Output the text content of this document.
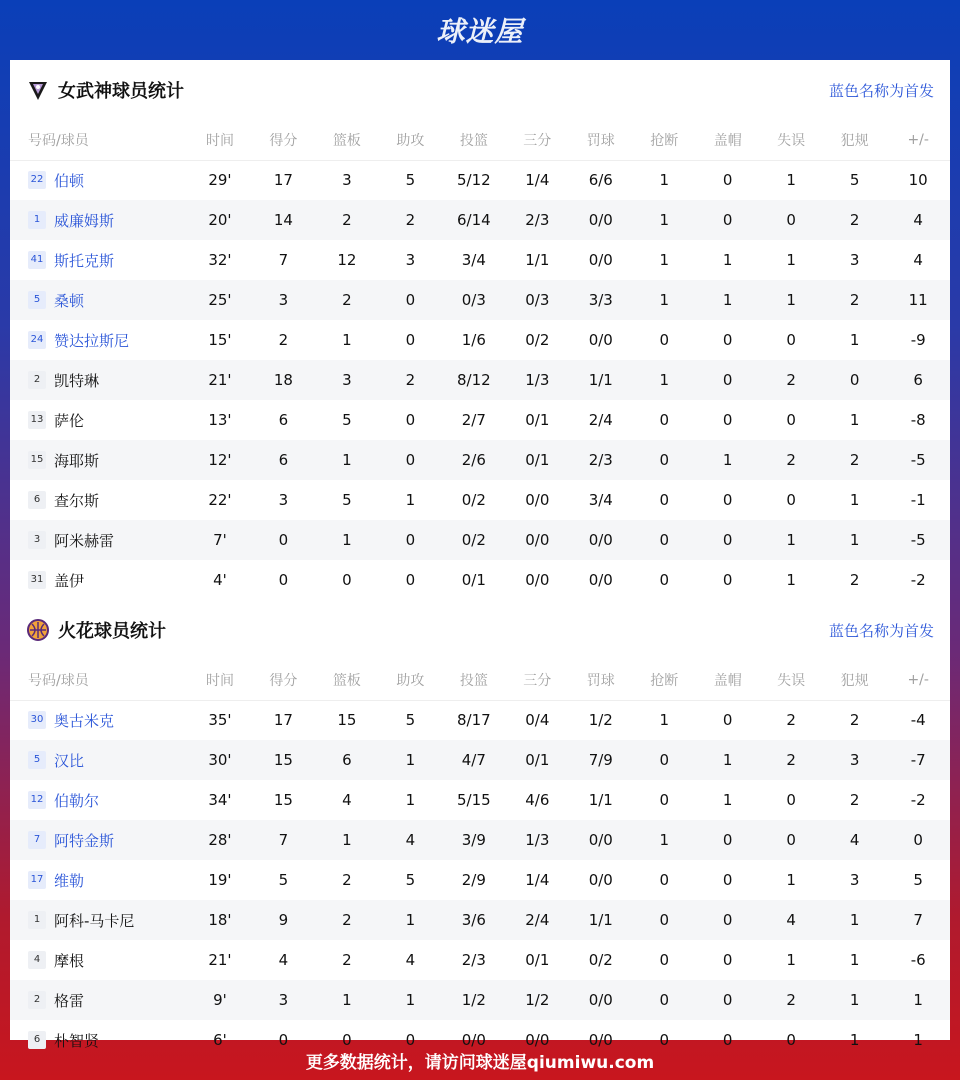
球迷屋
女武神球员统计	蓝色名称为首发
号码/球员	时间	得分	篮板	助攻	投篮	三分	罚球	抢断	盖帽	失误	犯规	+/-
22 伯顿	29'	17	3	5	5/12	1/4	6/6	1	0	1	5	10
1 威廉姆斯	20'	14	2	2	6/14	2/3	0/0	1	0	0	2	4
41 斯托克斯	32'	7	12	3	3/4	1/1	0/0	1	1	1	3	4
5 桑顿	25'	3	2	0	0/3	0/3	3/3	1	1	1	2	11
24 赞达拉斯尼	15'	2	1	0	1/6	0/2	0/0	0	0	0	1	-9
2 凯特琳	21'	18	3	2	8/12	1/3	1/1	1	0	2	0	6
13 萨伦	13'	6	5	0	2/7	0/1	2/4	0	0	0	1	-8
15 海耶斯	12'	6	1	0	2/6	0/1	2/3	0	1	2	2	-5
6 查尔斯	22'	3	5	1	0/2	0/0	3/4	0	0	0	1	-1
3 阿米赫雷	7'	0	1	0	0/2	0/0	0/0	0	0	1	1	-5
31 盖伊	4'	0	0	0	0/1	0/0	0/0	0	0	1	2	-2
火花球员统计	蓝色名称为首发
号码/球员	时间	得分	篮板	助攻	投篮	三分	罚球	抢断	盖帽	失误	犯规	+/-
30 奥古米克	35'	17	15	5	8/17	0/4	1/2	1	0	2	2	-4
5 汉比	30'	15	6	1	4/7	0/1	7/9	0	1	2	3	-7
12 伯勒尔	34'	15	4	1	5/15	4/6	1/1	0	1	0	2	-2
7 阿特金斯	28'	7	1	4	3/9	1/3	0/0	1	0	0	4	0
17 维勒	19'	5	2	5	2/9	1/4	0/0	0	0	1	3	5
1 阿科-马卡尼	18'	9	2	1	3/6	2/4	1/1	0	0	4	1	7
4 摩根	21'	4	2	4	2/3	0/1	0/2	0	0	1	1	-6
2 格雷	9'	3	1	1	1/2	1/2	0/0	0	0	2	1	1
6 朴智贤	6'	0	0	0	0/0	0/0	0/0	0	0	0	1	1
更多数据统计，请访问球迷屋qiumiwu.com
